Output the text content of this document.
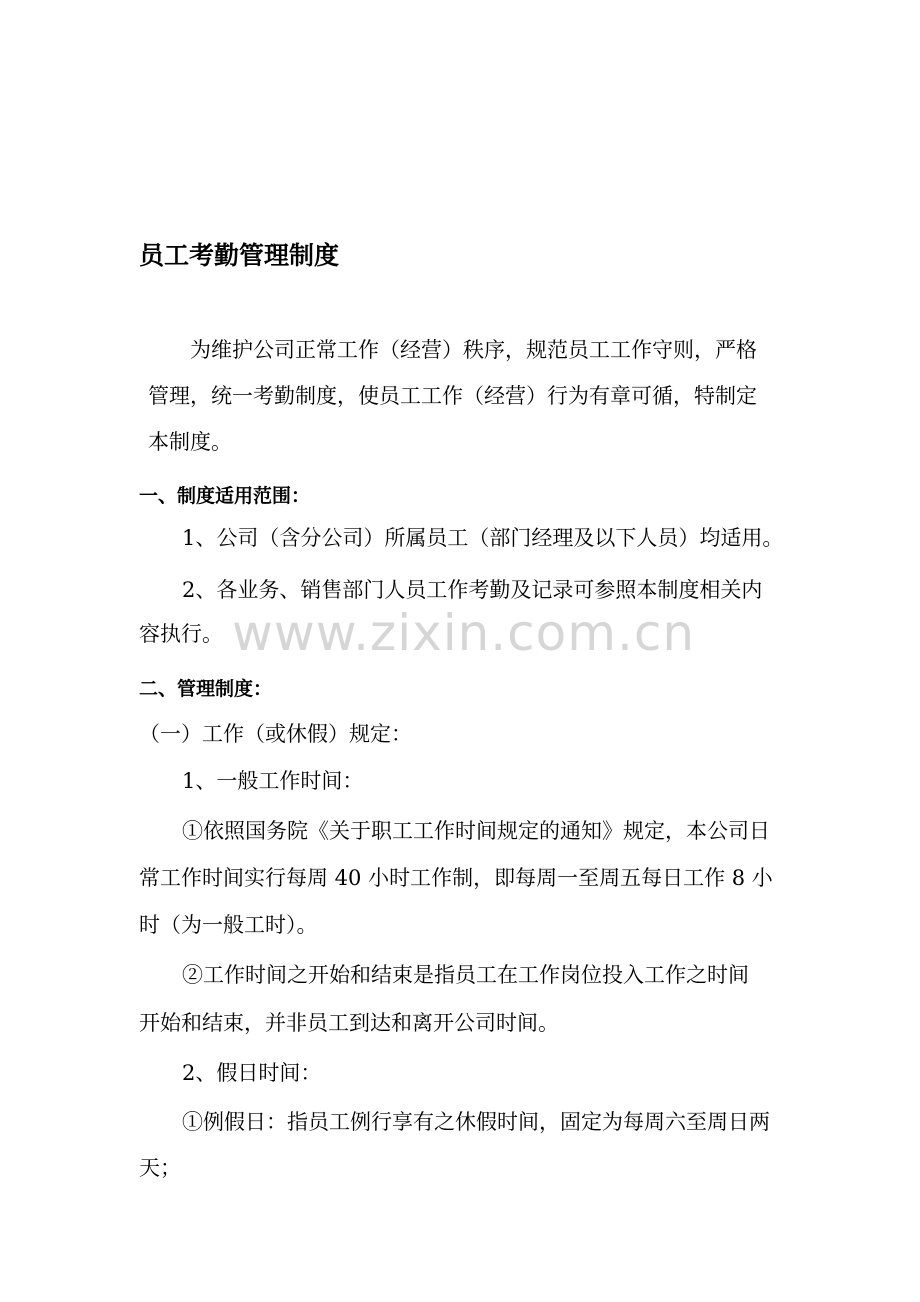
www.zixin.com.cn
员工考勤管理制度
为维护公司正常工作（经营）秩序，规范员工工作守则，严格
管理，统一考勤制度，使员工工作（经营）行为有章可循，特制定
本制度。
一、制度适用范围：
1、公司（含分公司）所属员工（部门经理及以下人员）均适用。
2、各业务、销售部门人员工作考勤及记录可参照本制度相关内
容执行。
二、管理制度：
（一）工作（或休假）规定：
1、一般工作时间：
①依照国务院《关于职工工作时间规定的通知》规定，本公司日
常工作时间实行每周 40 小时工作制，即每周一至周五每日工作 8 小
时（为一般工时）。
②工作时间之开始和结束是指员工在工作岗位投入工作之时间
开始和结束，并非员工到达和离开公司时间。
2、假日时间：
①例假日：指员工例行享有之休假时间，固定为每周六至周日两
天；
